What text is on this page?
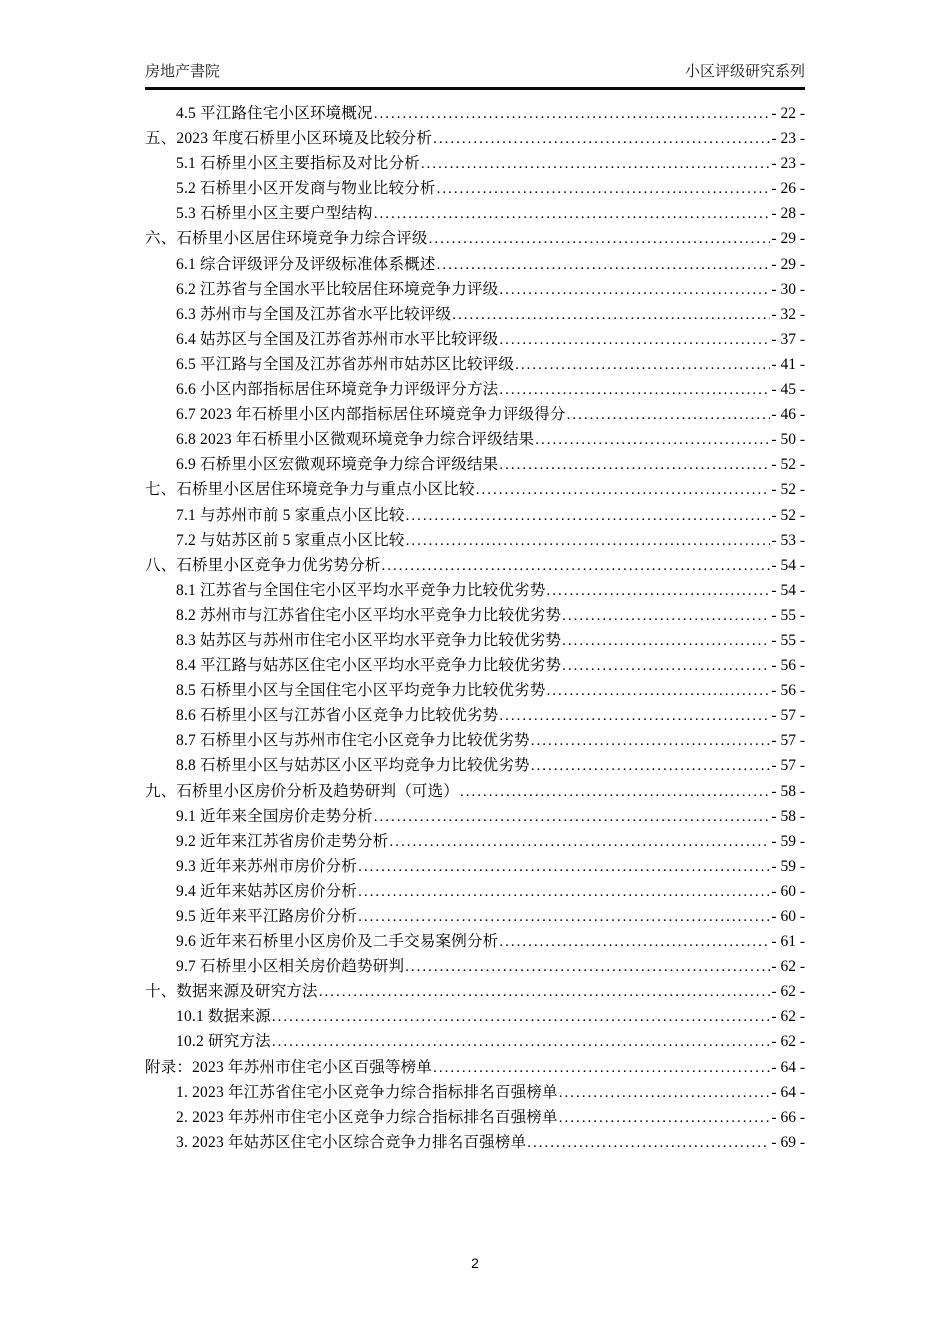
房地产書院	小区评级研究系列
4.5 平江路住宅小区环境概况 .....	- 22 -
五、2023 年度石桥里小区环境及比较分析 .....	- 23 -
5.1 石桥里小区主要指标及对比分析 .....	- 23 -
5.2 石桥里小区开发商与物业比较分析 .....	- 26 -
5.3 石桥里小区主要户型结构 .....	- 28 -
六、石桥里小区居住环境竞争力综合评级 .....	- 29 -
6.1 综合评级评分及评级标准体系概述 .....	- 29 -
6.2 江苏省与全国水平比较居住环境竞争力评级 .....	- 30 -
6.3 苏州市与全国及江苏省水平比较评级 .....	- 32 -
6.4 姑苏区与全国及江苏省苏州市水平比较评级 .....	- 37 -
6.5 平江路与全国及江苏省苏州市姑苏区比较评级 .....	- 41 -
6.6 小区内部指标居住环境竞争力评级评分方法 .....	- 45 -
6.7 2023 年石桥里小区内部指标居住环境竞争力评级得分 .....	- 46 -
6.8 2023 年石桥里小区微观环境竞争力综合评级结果 .....	- 50 -
6.9 石桥里小区宏微观环境竞争力综合评级结果 .....	- 52 -
七、石桥里小区居住环境竞争力与重点小区比较 .....	- 52 -
7.1 与苏州市前 5 家重点小区比较 .....	- 52 -
7.2 与姑苏区前 5 家重点小区比较 .....	- 53 -
八、石桥里小区竞争力优劣势分析 .....	- 54 -
8.1 江苏省与全国住宅小区平均水平竞争力比较优劣势 .....	- 54 -
8.2 苏州市与江苏省住宅小区平均水平竞争力比较优劣势 .....	- 55 -
8.3 姑苏区与苏州市住宅小区平均水平竞争力比较优劣势 .....	- 55 -
8.4 平江路与姑苏区住宅小区平均水平竞争力比较优劣势 .....	- 56 -
8.5 石桥里小区与全国住宅小区平均竞争力比较优劣势 .....	- 56 -
8.6 石桥里小区与江苏省小区竞争力比较优劣势 .....	- 57 -
8.7 石桥里小区与苏州市住宅小区竞争力比较优劣势 .....	- 57 -
8.8 石桥里小区与姑苏区小区平均竞争力比较优劣势 .....	- 57 -
九、石桥里小区房价分析及趋势研判（可选） .....	- 58 -
9.1 近年来全国房价走势分析 .....	- 58 -
9.2 近年来江苏省房价走势分析 .....	- 59 -
9.3 近年来苏州市房价分析 .....	- 59 -
9.4 近年来姑苏区房价分析 .....	- 60 -
9.5 近年来平江路房价分析 .....	- 60 -
9.6 近年来石桥里小区房价及二手交易案例分析 .....	- 61 -
9.7 石桥里小区相关房价趋势研判 .....	- 62 -
十、数据来源及研究方法 .....	- 62 -
10.1 数据来源 .....	- 62 -
10.2 研究方法 .....	- 62 -
附录：2023 年苏州市住宅小区百强等榜单 .....	- 64 -
1. 2023 年江苏省住宅小区竞争力综合指标排名百强榜单 .....	- 64 -
2. 2023 年苏州市住宅小区竞争力综合指标排名百强榜单 .....	- 66 -
3. 2023 年姑苏区住宅小区综合竞争力排名百强榜单 .....	- 69 -
2
